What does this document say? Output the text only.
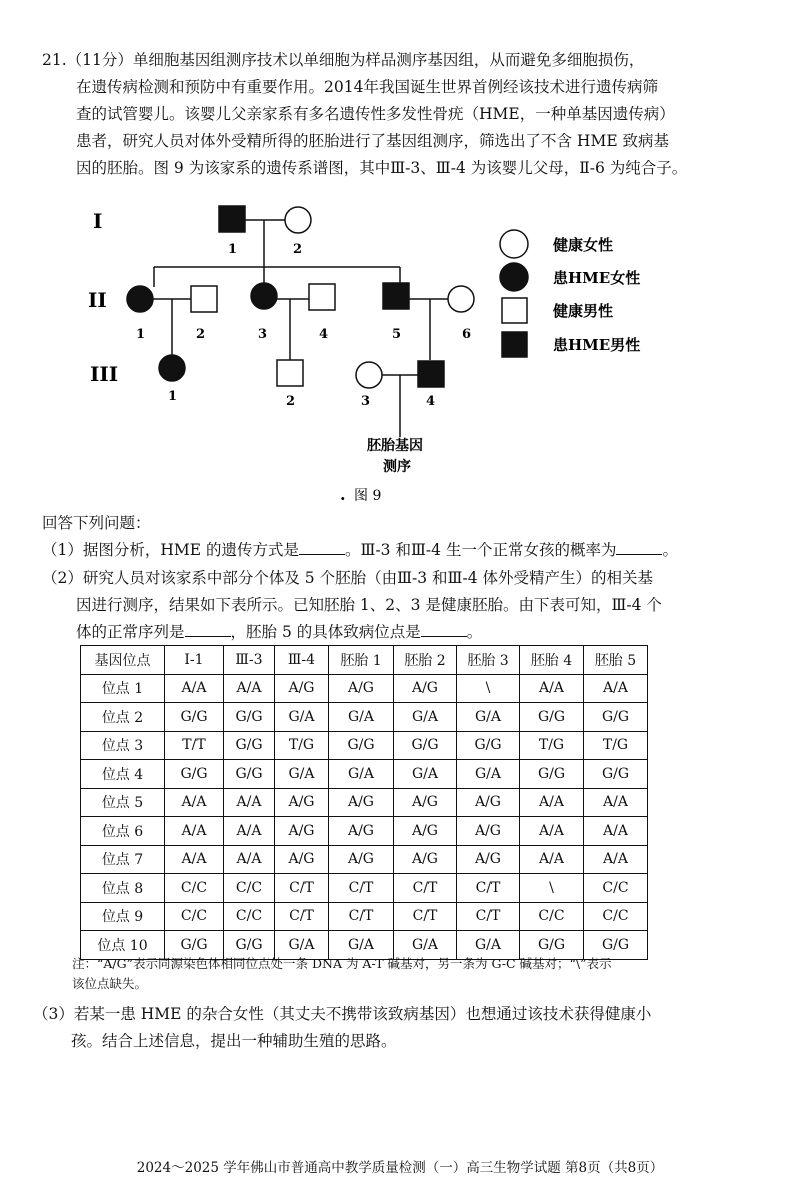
21.（11分）单细胞基因组测序技术以单细胞为样品测序基因组，从而避免多细胞损伤，

在遗传病检测和预防中有重要作用。2014年我国诞生世界首例经该技术进行遗传病筛

查的试管婴儿。该婴儿父亲家系有多名遗传性多发性骨疣（HME，一种单基因遗传病）

患者，研究人员对体外受精所得的胚胎进行了基因组测序，筛选出了不含 HME 致病基

因的胚胎。图 9 为该家系的遗传系谱图，其中Ⅲ-3、Ⅲ-4 为该婴儿父母，Ⅱ-6 为纯合子。

I
II
III
1	2
1	2	3	4	5	6
1	2	3	4
胚胎基因
测序
. 图 9
健康女性
患HME女性
健康男性
患HME男性
回答下列问题：
（1）据图分析，HME 的遗传方式是	。Ⅲ-3 和Ⅲ-4 生一个正常女孩的概率为	。
（2）研究人员对该家系中部分个体及 5 个胚胎（由Ⅲ-3 和Ⅲ-4 体外受精产生）的相关基
因进行测序，结果如下表所示。已知胚胎 1、2、3 是健康胚胎。由下表可知，Ⅲ-4 个
体的正常序列是	，胚胎 5 的具体致病位点是	。
基因位点	Ⅰ-1	Ⅲ-3	Ⅲ-4	胚胎 1	胚胎 2	胚胎 3	胚胎 4	胚胎 5
位点 1	A/A	A/A	A/G	A/G	A/G	\	A/A	A/A
位点 2	G/G	G/G	G/A	G/A	G/A	G/A	G/G	G/G
位点 3	T/T	G/G	T/G	G/G	G/G	G/G	T/G	T/G
位点 4	G/G	G/G	G/A	G/A	G/A	G/A	G/G	G/G
位点 5	A/A	A/A	A/G	A/G	A/G	A/G	A/A	A/A
位点 6	A/A	A/A	A/G	A/G	A/G	A/G	A/A	A/A
位点 7	A/A	A/A	A/G	A/G	A/G	A/G	A/A	A/A
位点 8	C/C	C/C	C/T	C/T	C/T	C/T	\	C/C
位点 9	C/C	C/C	C/T	C/T	C/T	C/T	C/C	C/C
位点 10	G/G	G/G	G/A	G/A	G/A	G/A	G/G	G/G
注：“A/G”表示同源染色体相同位点处一条 DNA 为 A-T 碱基对，另一条为 G-C 碱基对；“\”表示
该位点缺失。
（3）若某一患 HME 的杂合女性（其丈夫不携带该致病基因）也想通过该技术获得健康小
孩。结合上述信息，提出一种辅助生殖的思路。
2024～2025 学年佛山市普通高中教学质量检测（一）高三生物学试题 第8页（共8页）
